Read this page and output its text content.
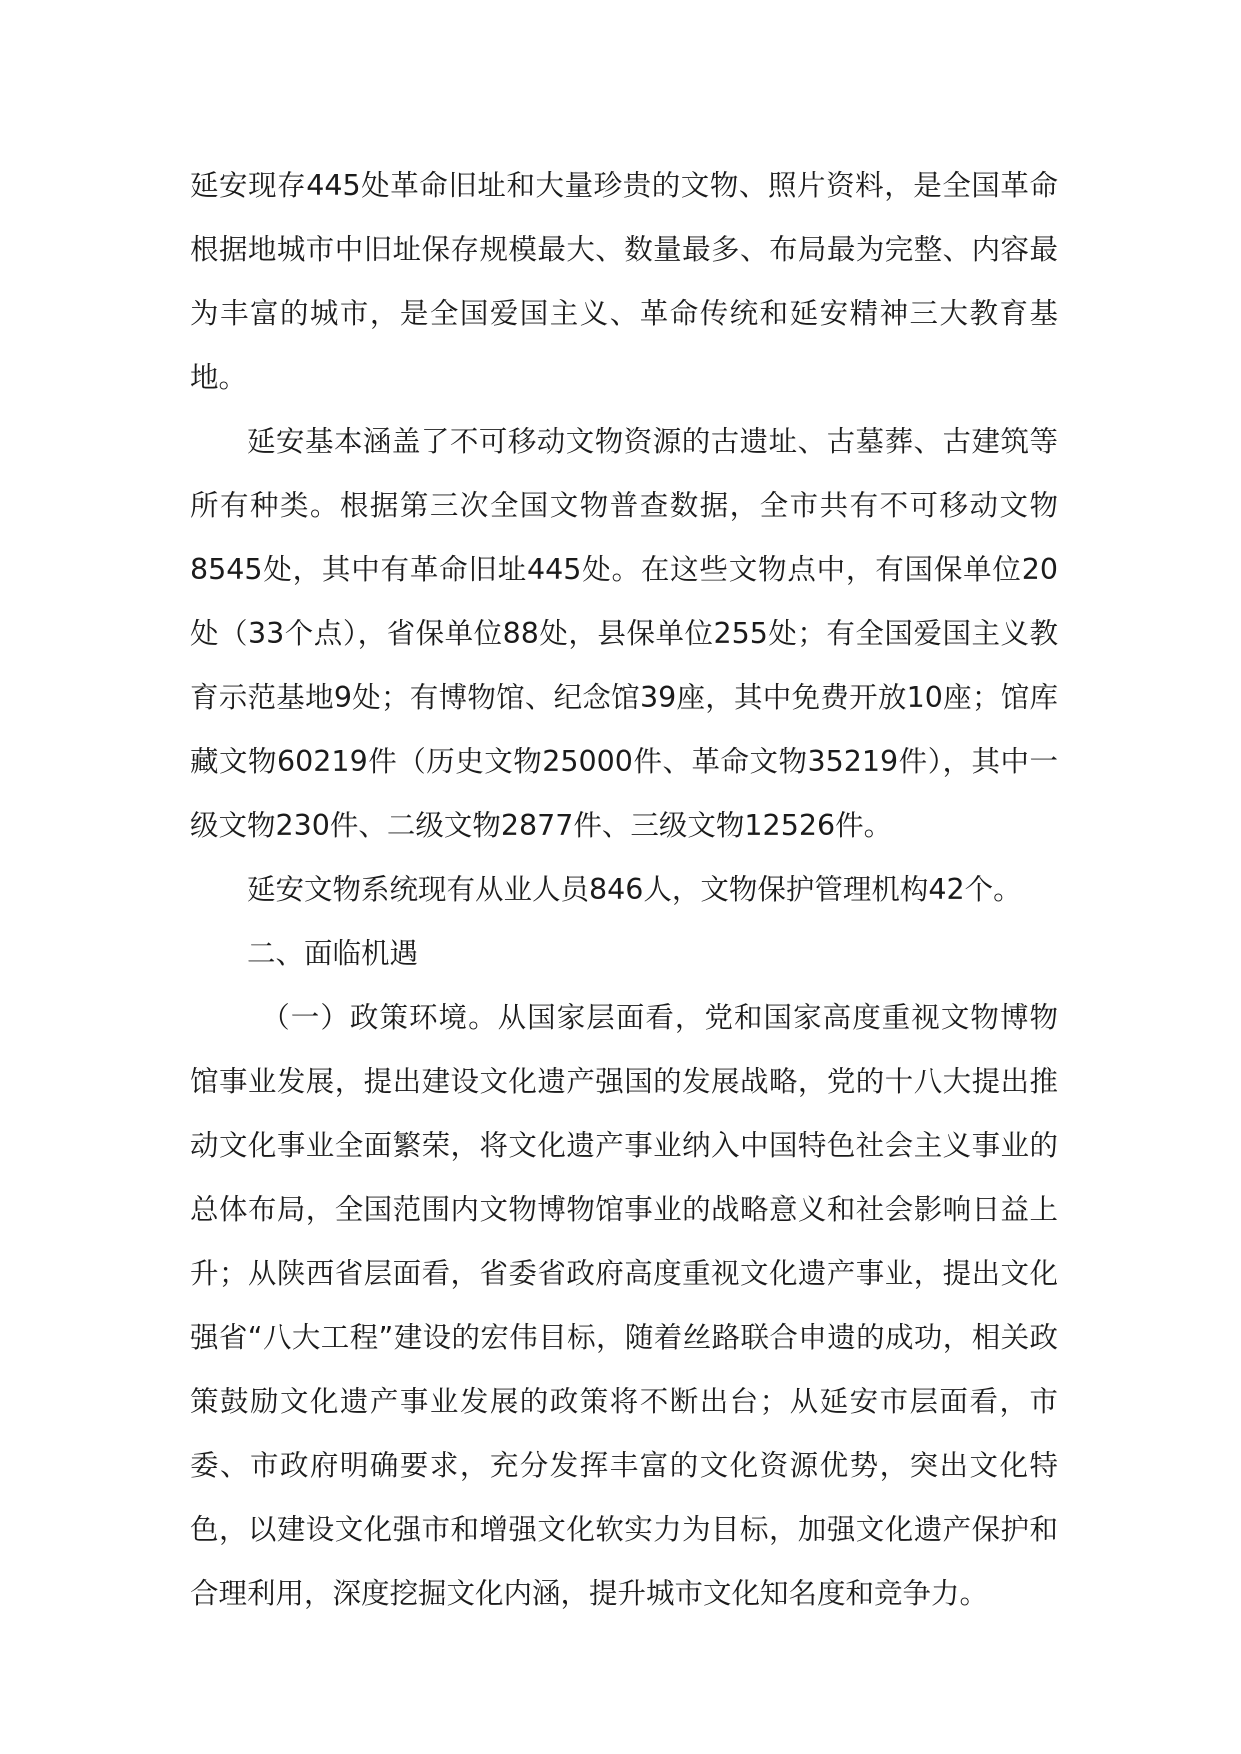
延安现存445处革命旧址和大量珍贵的文物、照片资料，是全国革命根据地城市中旧址保存规模最大、数量最多、布局最为完整、内容最为丰富的城市，是全国爱国主义、革命传统和延安精神三大教育基地。

延安基本涵盖了不可移动文物资源的古遗址、古墓葬、古建筑等所有种类。根据第三次全国文物普查数据，全市共有不可移动文物8545处，其中有革命旧址445处。在这些文物点中，有国保单位20处（33个点），省保单位88处，县保单位255处；有全国爱国主义教育示范基地9处；有博物馆、纪念馆39座，其中免费开放10座；馆库藏文物60219件（历史文物25000件、革命文物35219件），其中一级文物230件、二级文物2877件、三级文物12526件。

延安文物系统现有从业人员846人，文物保护管理机构42个。

二、面临机遇

（一）政策环境。从国家层面看，党和国家高度重视文物博物馆事业发展，提出建设文化遗产强国的发展战略，党的十八大提出推动文化事业全面繁荣，将文化遗产事业纳入中国特色社会主义事业的总体布局，全国范围内文物博物馆事业的战略意义和社会影响日益上升；从陕西省层面看，省委省政府高度重视文化遗产事业，提出文化强省“八大工程”建设的宏伟目标，随着丝路联合申遗的成功，相关政策鼓励文化遗产事业发展的政策将不断出台；从延安市层面看，市委、市政府明确要求，充分发挥丰富的文化资源优势，突出文化特色，以建设文化强市和增强文化软实力为目标，加强文化遗产保护和合理利用，深度挖掘文化内涵，提升城市文化知名度和竞争力。
